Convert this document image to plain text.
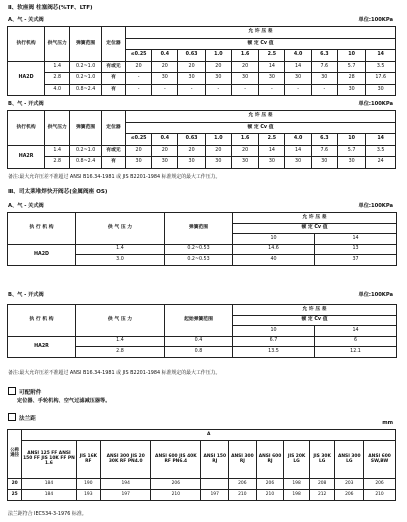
Ⅱ、软座阀 柱塞阀芯(%TF、LTF)
A、气 - 关式阀	单位:100KPa
执行机构	供气压力	弹簧范围	定位器	允 许 压 差									
				额 定 Cv 值									
				≤0.25	0.4	0.63	1.0	1.6	2.5	4.0	6.3	10	14
HA2D	1.4	0.2~1.0	有或无	20	20	20	20	20	14	14	7.6	5.7	3.5
	2.8	0.2~1.0	有	-	30	30	30	30	30	30	30	28	17.6
	4.0	0.8~2.4	有	-	-	-	-	-	-	-	-	30	30
B、气 - 开式阀	单位:100KPa
执行机构	供气压力	弹簧范围	定位器	允 许 压 差									
				额 定 Cv 值									
				≤0.25	0.4	0.63	1.0	1.6	2.5	4.0	6.3	10	14
HA2R	1.4	0.2~1.0	有或无	20	20	20	20	20	14	14	7.6	5.7	3.5
	2.8	0.8~2.4	有	30	30	30	30	30	30	30	30	30	24
备注:最大允许压差不准超过 ANSI B16.34-1981 或 JIS B2201-1984 标准规定的最大工作压力。
Ⅲ、司太莱堆焊快开阀芯(金属阀座 OS)
A、气 - 关式阀	单位:100KPa
执 行 机 构	供 气 压 力	弹簧范围	允 许 压 差	
			额 定 Cv 值	
			10	14
HA2D	1.4	0.2~0.53	14.6	13
	3.0	0.2~0.53	40	37
B、气 - 开式阀	单位:100KPa
执 行 机 构	供 气 压 力	起始弹簧范围	允 许 压 差	
			额 定 Cv 值	
			10	14
HA2R	1.4	0.4	6.7	6
	2.8	0.8	13.5	12.1
备注:最大允许压差不准超过 ANSI B16.34-1981 或 JIS B2201-1984 标准规定的最大工作压力。
可配附件
定位器、手轮机构、空气过滤减压器等。
法兰距
mm
公称通径	A										
	ANSI 125 FF ANSI 150 FF JIS 10K FF PN 1.6	JIS 16K RF	ANSI 300 JIS 20 30K RF PN4.0	ANSI 600 JIS 40K RF PN6.4	ANSI 150 RJ	ANSI 300 RJ	ANSI 600 RJ	JIS 20K LG	JIS 30K LG	ANSI 300 LG	ANSI 600 SW,BW
20	184	190	194	206		206	206	198	208	203	206
25	184	193	197	210	197	210	210	198	212	206	210
法兰距符合 IEC534-3-1976 标准。
